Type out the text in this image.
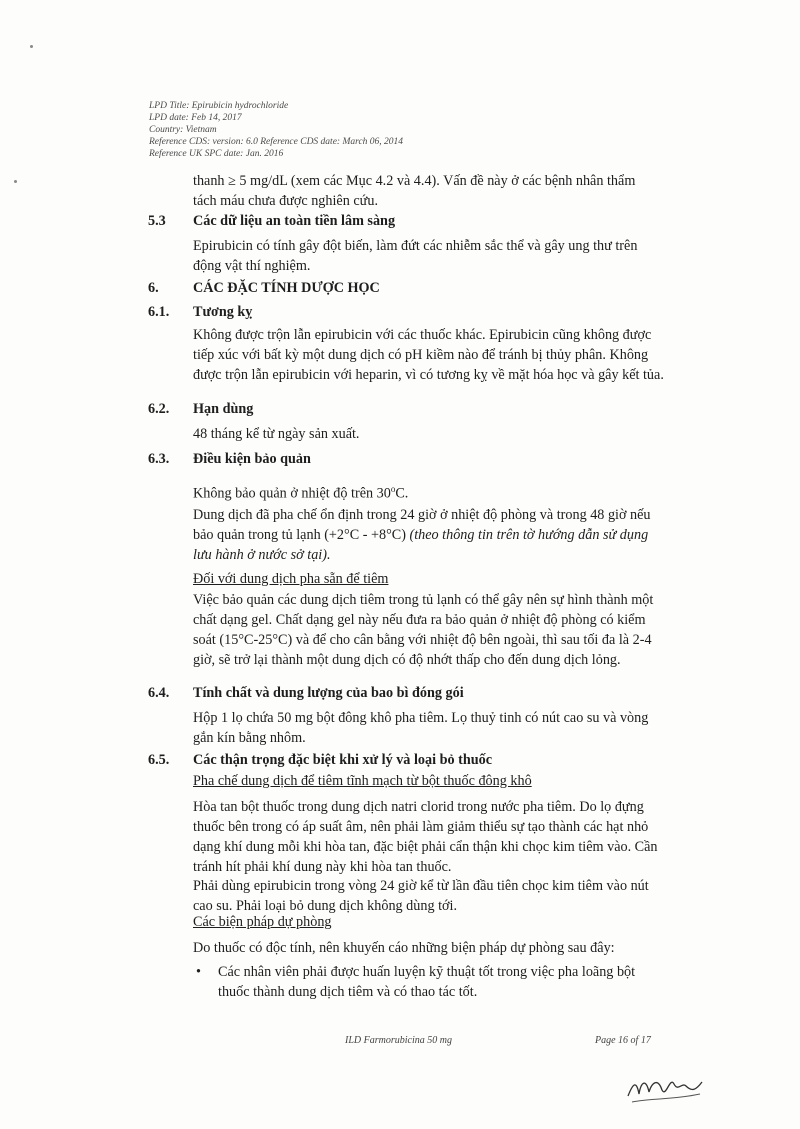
LPD Title: Epirubicin hydrochloride
LPD date: Feb 14, 2017
Country: Vietnam
Reference CDS: version: 6.0 Reference CDS date: March 06, 2014
Reference UK SPC date: Jan. 2016
thanh ≥ 5 mg/dL (xem các Mục 4.2 và 4.4). Vấn đề này ở các bệnh nhân thẩm
tách máu chưa được nghiên cứu.
5.3 Các dữ liệu an toàn tiền lâm sàng
Epirubicin có tính gây đột biến, làm đứt các nhiễm sắc thể và gây ung thư trên động vật thí nghiệm.
6. CÁC ĐẶC TÍNH DƯỢC HỌC
6.1. Tương kỵ
Không được trộn lẫn epirubicin với các thuốc khác. Epirubicin cũng không được tiếp xúc với bất kỳ một dung dịch có pH kiềm nào để tránh bị thủy phân. Không được trộn lẫn epirubicin với heparin, vì có tương kỵ về mặt hóa học và gây kết tủa.
6.2. Hạn dùng
48 tháng kể từ ngày sản xuất.
6.3. Điều kiện bảo quản
Không bảo quản ở nhiệt độ trên 30$^o$C.
Dung dịch đã pha chế ổn định trong 24 giờ ở nhiệt độ phòng và trong 48 giờ nếu bảo quản trong tủ lạnh (+2°C - +8°C) (theo thông tin trên tờ hướng dẫn sử dụng lưu hành ở nước sở tại).
Đối với dung dịch pha sẵn để tiêm
Việc bảo quản các dung dịch tiêm trong tủ lạnh có thể gây nên sự hình thành một chất dạng gel. Chất dạng gel này nếu đưa ra bảo quản ở nhiệt độ phòng có kiểm soát (15°C-25°C) và để cho cân bằng với nhiệt độ bên ngoài, thì sau tối đa là 2-4 giờ, sẽ trở lại thành một dung dịch có độ nhớt thấp cho đến dung dịch lỏng.
6.4. Tính chất và dung lượng của bao bì đóng gói
Hộp 1 lọ chứa 50 mg bột đông khô pha tiêm. Lọ thuỷ tinh có nút cao su và vòng gắn kín bằng nhôm.
6.5. Các thận trọng đặc biệt khi xử lý và loại bỏ thuốc
Pha chế dung dịch để tiêm tĩnh mạch từ bột thuốc đông khô
Hòa tan bột thuốc trong dung dịch natri clorid trong nước pha tiêm. Do lọ đựng thuốc bên trong có áp suất âm, nên phải làm giảm thiểu sự tạo thành các hạt nhỏ dạng khí dung mỗi khi hòa tan, đặc biệt phải cẩn thận khi chọc kim tiêm vào. Cần tránh hít phải khí dung này khi hòa tan thuốc.
Phải dùng epirubicin trong vòng 24 giờ kể từ lần đầu tiên chọc kim tiêm vào nút cao su. Phải loại bỏ dung dịch không dùng tới.
Các biện pháp dự phòng
Do thuốc có độc tính, nên khuyến cáo những biện pháp dự phòng sau đây:
• Các nhân viên phải được huấn luyện kỹ thuật tốt trong việc pha loãng bột thuốc thành dung dịch tiêm và có thao tác tốt.
ILD Farmorubicina 50 mg	Page 16 of 17
